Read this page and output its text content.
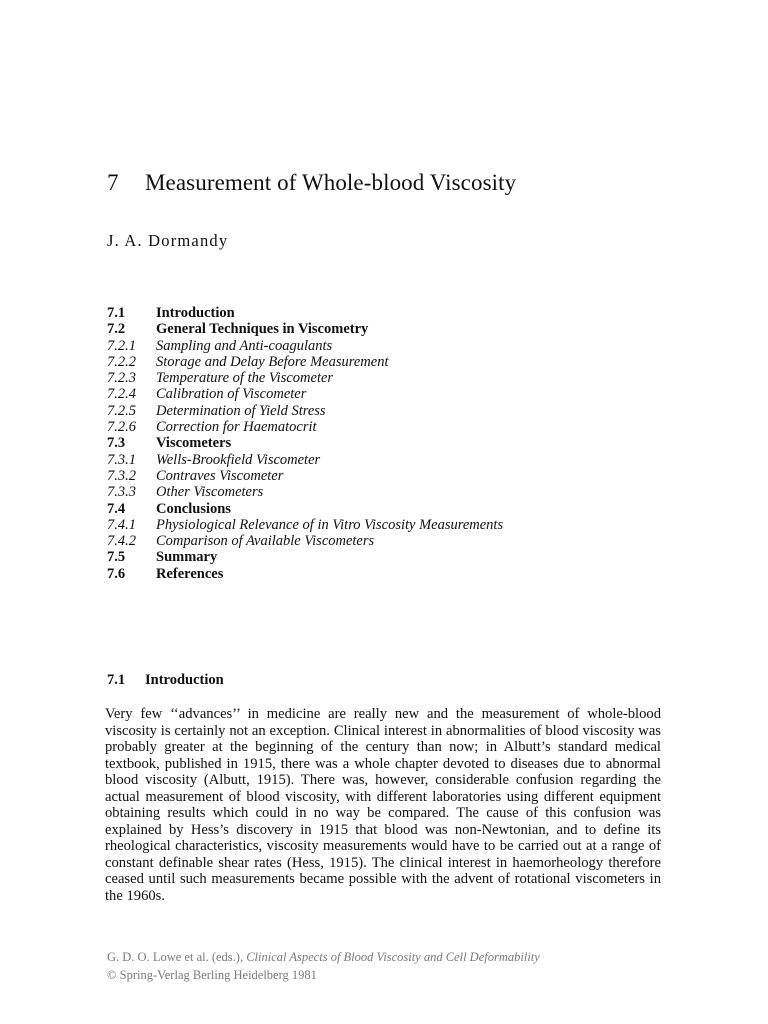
7 Measurement of Whole-blood Viscosity
J. A. Dormandy
7.1 Introduction
7.2 General Techniques in Viscometry
7.2.1 Sampling and Anti-coagulants
7.2.2 Storage and Delay Before Measurement
7.2.3 Temperature of the Viscometer
7.2.4 Calibration of Viscometer
7.2.5 Determination of Yield Stress
7.2.6 Correction for Haematocrit
7.3 Viscometers
7.3.1 Wells-Brookfield Viscometer
7.3.2 Contraves Viscometer
7.3.3 Other Viscometers
7.4 Conclusions
7.4.1 Physiological Relevance of in Vitro Viscosity Measurements
7.4.2 Comparison of Available Viscometers
7.5 Summary
7.6 References
7.1 Introduction

Very few ‘‘advances’’ in medicine are really new and the measurement of whole-blood viscosity is certainly not an exception. Clinical interest in abnormalities of blood viscosity was probably greater at the beginning of the century than now; in Albutt’s standard medical textbook, published in 1915, there was a whole chapter devoted to diseases due to abnormal blood viscosity (Albutt, 1915). There was, however, considerable confusion regarding the actual measurement of blood viscosity, with different laboratories using different equipment obtaining results which could in no way be compared. The cause of this confusion was explained by Hess’s discovery in 1915 that blood was non-Newtonian, and to define its rheological characteristics, viscosity measurements would have to be carried out at a range of constant definable shear rates (Hess, 1915). The clinical interest in haemorheology therefore ceased until such measurements became possible with the advent of rotational viscometers in the 1960s.

G. D. O. Lowe et al. (eds.), Clinical Aspects of Blood Viscosity and Cell Deformability
© Spring-Verlag Berling Heidelberg 1981
